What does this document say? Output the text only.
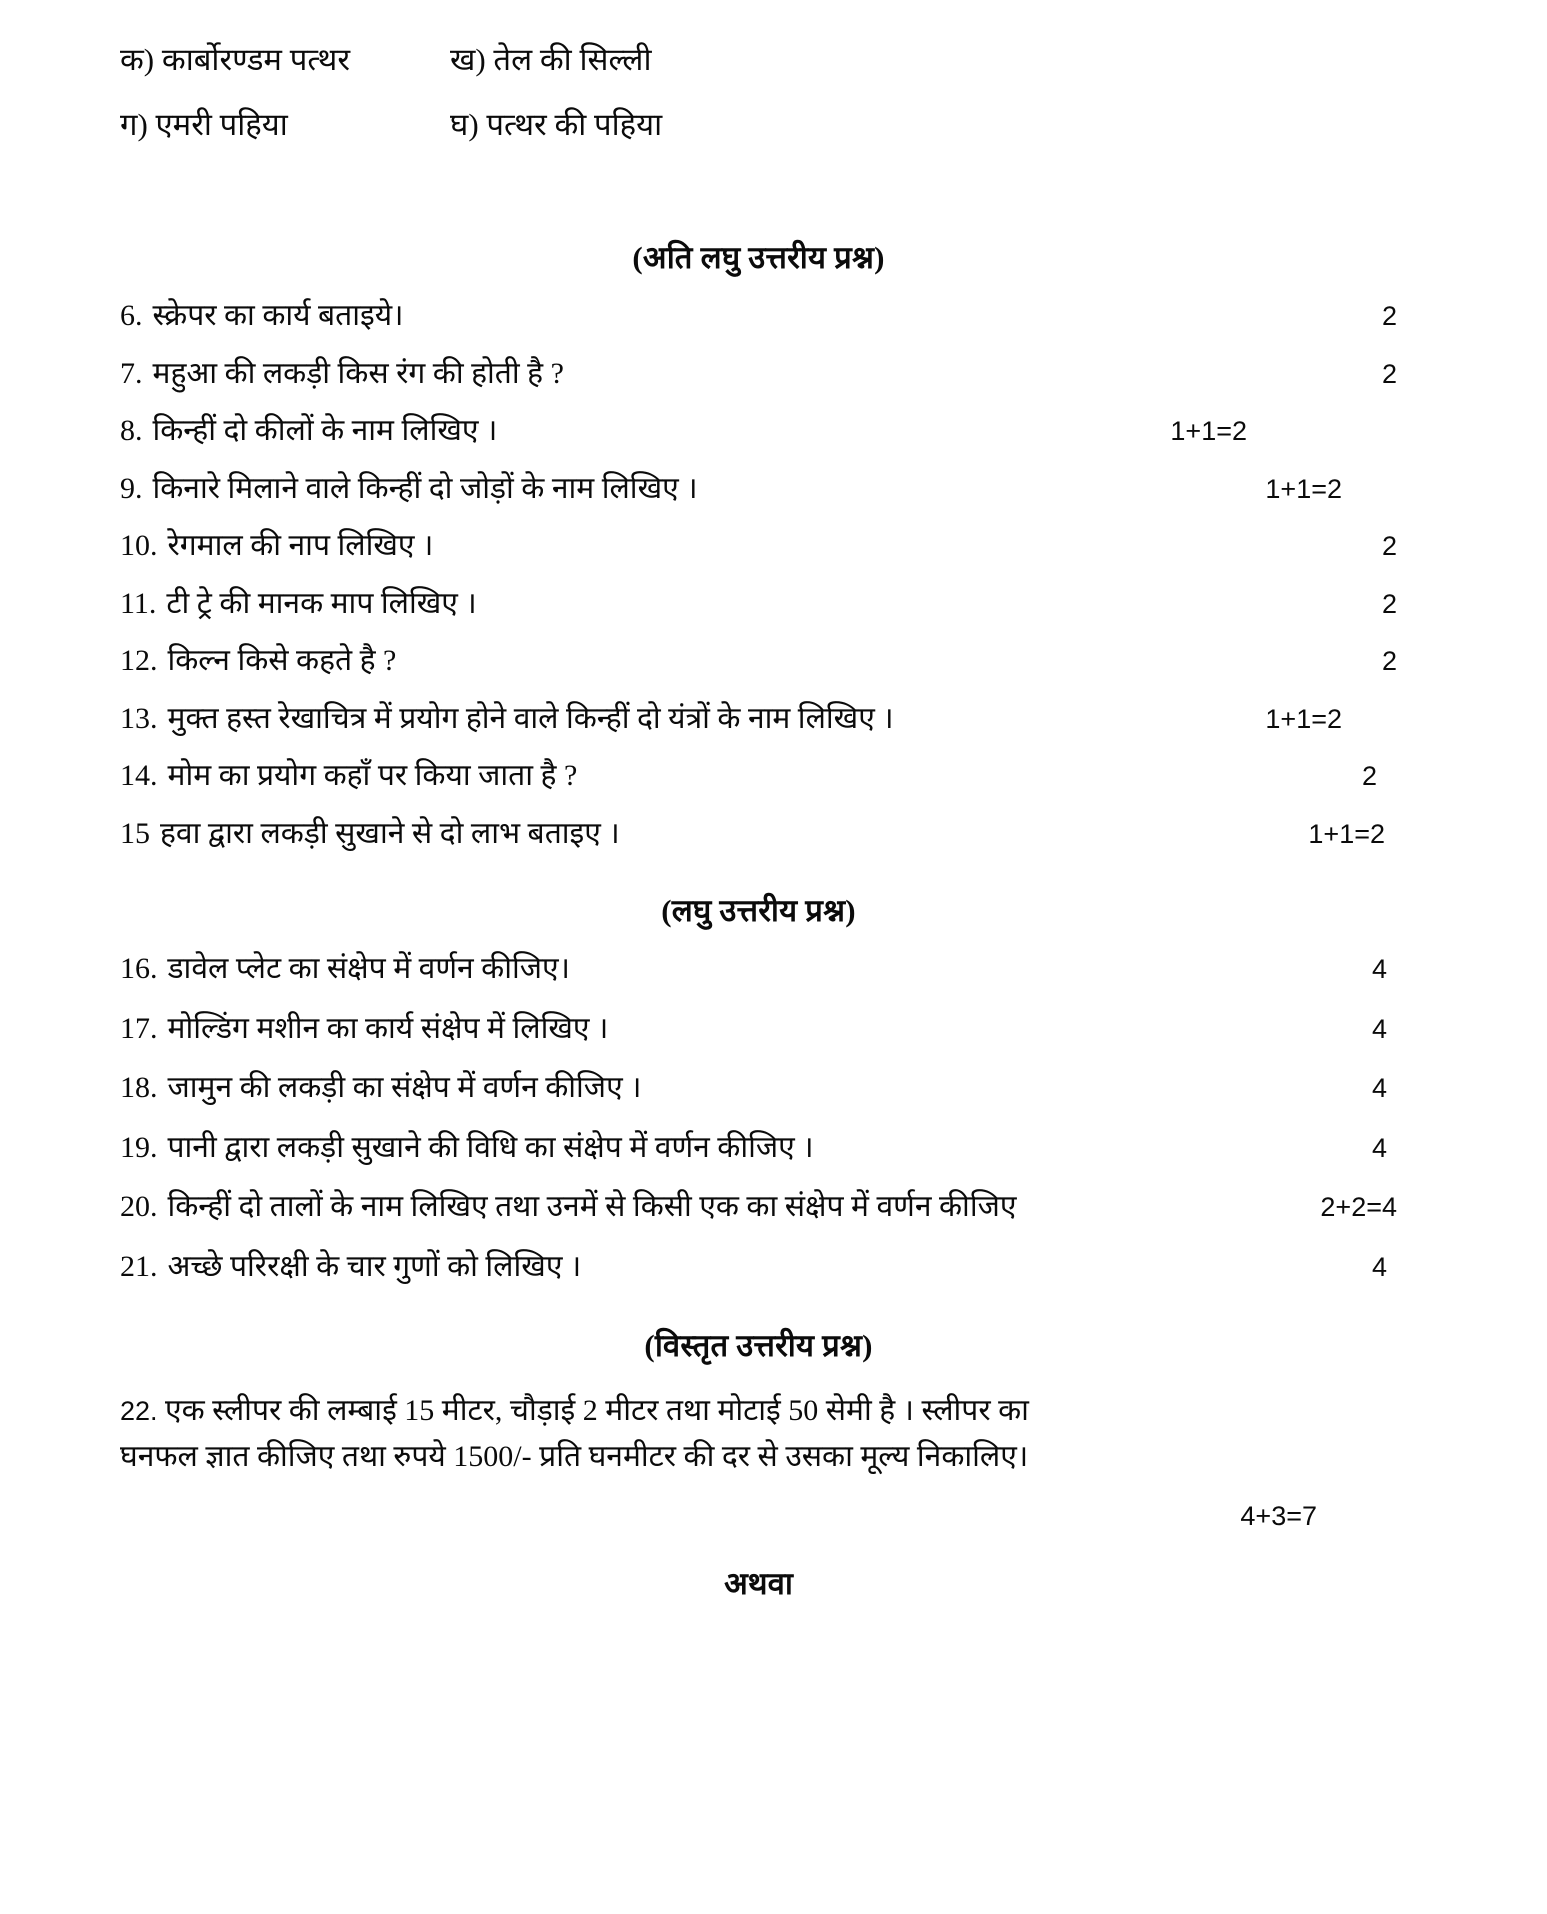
क) कार्बोरण्डम पत्थर	ख) तेल की सिल्ली
ग) एमरी पहिया	घ) पत्थर की पहिया
(अति लघु उत्तरीय प्रश्न)
6. स्क्रेपर का कार्य बताइये।	2
7. महुआ की लकड़ी किस रंग की होती है ?	2
8. किन्हीं दो कीलों के नाम लिखिए ।	1+1=2
9. किनारे मिलाने वाले किन्हीं दो जोड़ों के नाम लिखिए ।	1+1=2
10. रेगमाल की नाप लिखिए ।	2
11. टी ट्रे की मानक माप लिखिए ।	2
12. किल्न किसे कहते है ?	2
13. मुक्त हस्त रेखाचित्र में प्रयोग होने वाले किन्हीं दो यंत्रों के नाम लिखिए ।	1+1=2
14. मोम का प्रयोग कहाँ पर किया जाता है ?	2
15 हवा द्वारा लकड़ी सुखाने से दो लाभ बताइए ।	1+1=2
(लघु उत्तरीय प्रश्न)
16. डावेल प्लेट का संक्षेप में वर्णन कीजिए।	4
17. मोल्डिंग मशीन का कार्य संक्षेप में लिखिए ।	4
18. जामुन की लकड़ी का संक्षेप में वर्णन कीजिए ।	4
19. पानी द्वारा लकड़ी सुखाने की विधि का संक्षेप में वर्णन कीजिए ।	4
20. किन्हीं दो तालों के नाम लिखिए तथा उनमें से किसी एक का संक्षेप में वर्णन कीजिए	2+2=4
21. अच्छे परिरक्षी के चार गुणों को लिखिए ।	4
(विस्तृत उत्तरीय प्रश्न)
22. एक स्लीपर की लम्बाई 15 मीटर, चौड़ाई 2 मीटर तथा मोटाई 50 सेमी है । स्लीपर का
घनफल ज्ञात कीजिए तथा रुपये 1500/- प्रति घनमीटर की दर से उसका मूल्य निकालिए।
4+3=7
अथवा
